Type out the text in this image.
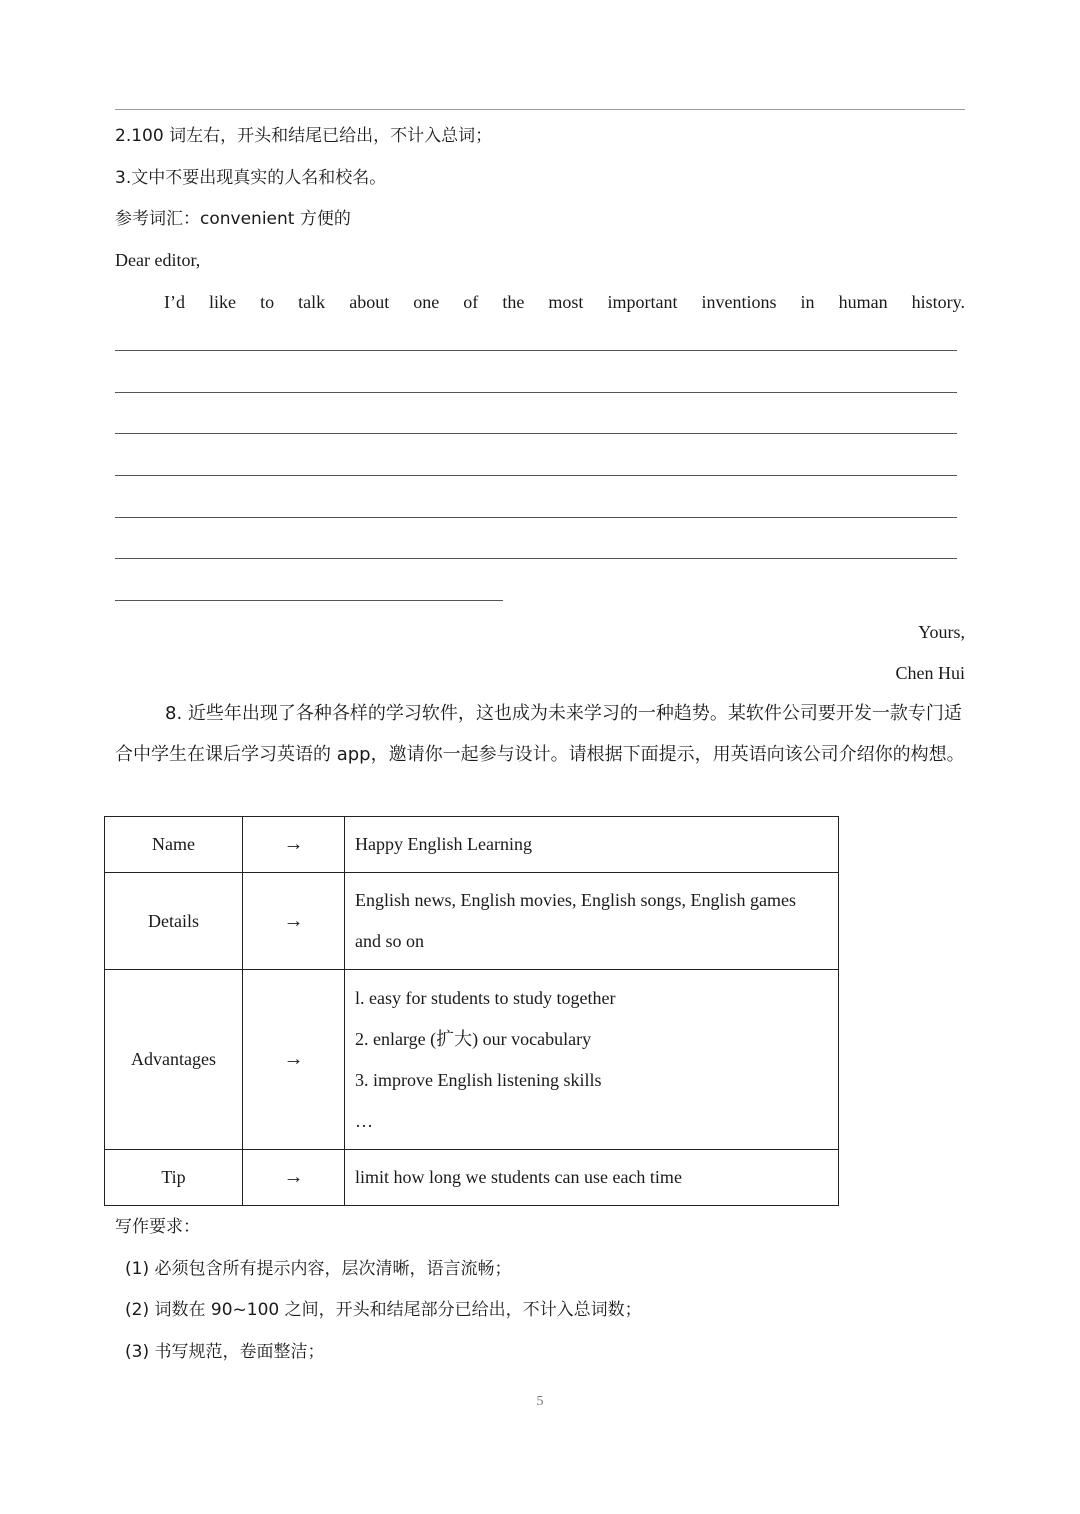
2.100 词左右，开头和结尾已给出，不计入总词；
3.文中不要出现真实的人名和校名。
参考词汇：convenient 方便的
Dear editor,
I’d like to talk about one of the most important inventions in human history.
Yours,
Chen Hui
8. 近些年出现了各种各样的学习软件，这也成为未来学习的一种趋势。某软件公司要开发一款专门适合中学生在课后学习英语的 app，邀请你一起参与设计。请根据下面提示，用英语向该公司介绍你的构想。
Name	→	Happy English Learning

Details	→	English news, English movies, English songs, English games
and so on

Advantages	→	l. easy for students to study together
2. enlarge (扩大) our vocabulary
3. improve English listening skills
…

Tip	→	limit how long we students can use each time
写作要求：
(1) 必须包含所有提示内容，层次清晰，语言流畅；
(2) 词数在 90~100 之间，开头和结尾部分已给出，不计入总词数；
(3) 书写规范，卷面整洁；
5
